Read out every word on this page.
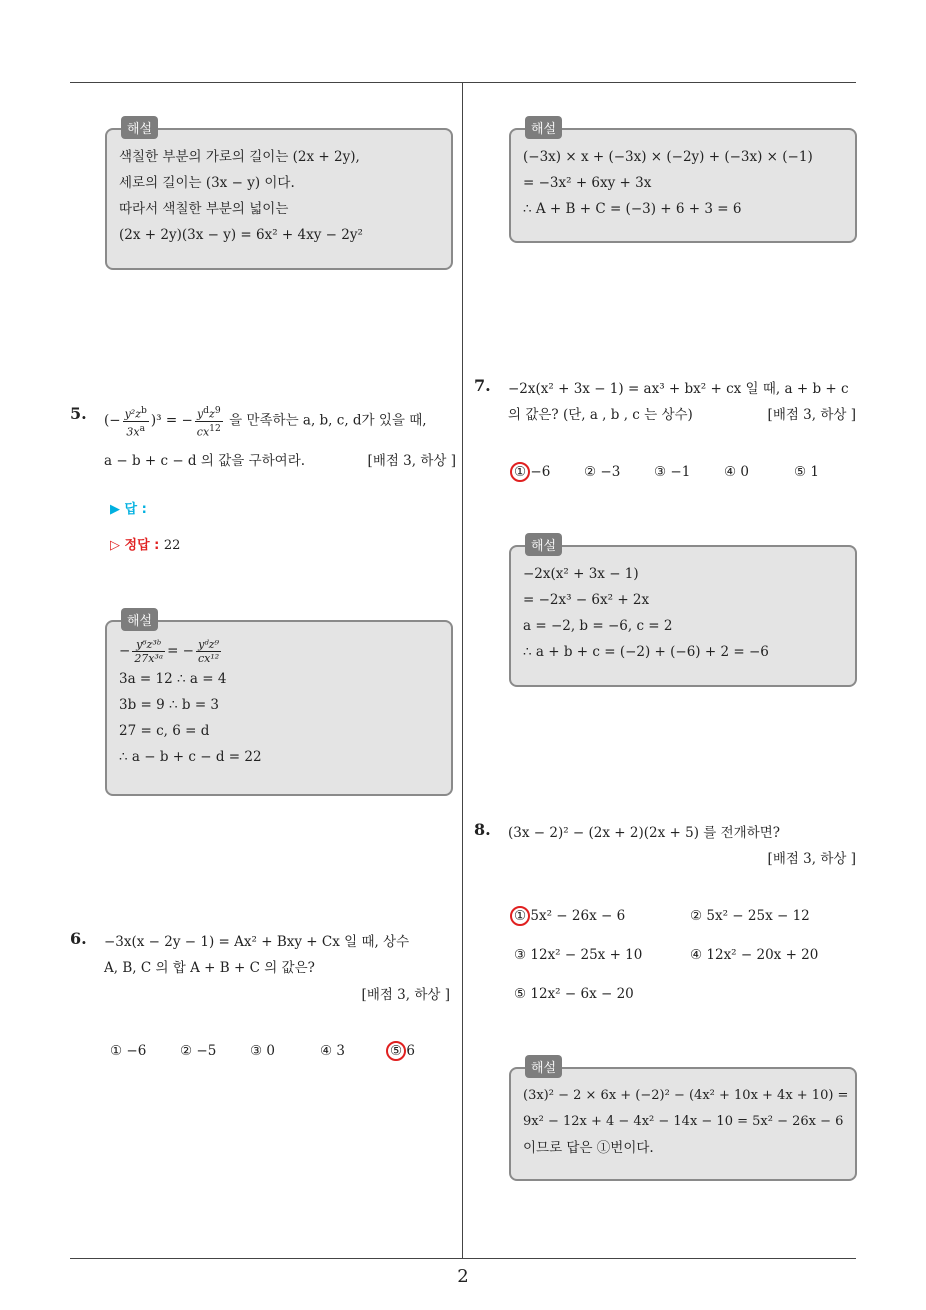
2
해설
색칠한 부분의 가로의 길이는 (2x + 2y),
세로의 길이는 (3x − y) 이다.
따라서 색칠한 부분의 넓이는
(2x + 2y)(3x − y) = 6x² + 4xy − 2y²
해설
(−3x) × x + (−3x) × (−2y) + (−3x) × (−1)
= −3x² + 6xy + 3x
∴ A + B + C = (−3) + 6 + 3 = 6
5. (− $\frac{y^2z^b}{3x^a} )^3$ = − $\frac{y^dz^9}{cx^{12}}$ 을 만족하는 a, b, c, d가 있을 때,
a − b + c − d 의 값을 구하여라.	[배점 3, 하상 ]
▶ 답 :
▷ 정답 : 22
해설
− $\frac{\text{y⁶z³ᵇ}}{\text{27x³ᵃ}}$ = − $\frac{\text{yᵈz⁹}}{\text{cx¹²}}$
3a = 12 ∴ a = 4
3b = 9 ∴ b = 3
27 = c, 6 = d
∴ a − b + c − d = 22
6. −3x(x − 2y − 1) = Ax² + Bxy + Cx 일 때, 상수
A, B, C 의 합 A + B + C 의 값은?
[배점 3, 하상 ]
① −6 ② −5 ③ 0	④ 3	⑤ 6
7. −2x(x² + 3x − 1) = ax³ + bx² + cx 일 때, a + b + c
의 값은? (단, a , b , c 는 상수)	[배점 3, 하상 ]
① −6 ② −3 ③ −1 ④ 0	⑤ 1
해설
−2x(x² + 3x − 1)
= −2x³ − 6x² + 2x
a = −2, b = −6, c = 2
∴ a + b + c = (−2) + (−6) + 2 = −6
8. (3x − 2)² − (2x + 2)(2x + 5) 를 전개하면?
[배점 3, 하상 ]
① 5x² − 26x − 6	② 5x² − 25x − 12
③ 12x² − 25x + 10	④ 12x² − 20x + 20
⑤ 12x² − 6x − 20
해설
(3x)² − 2 × 6x + (−2)² − (4x² + 10x + 4x + 10) =
9x² − 12x + 4 − 4x² − 14x − 10 = 5x² − 26x − 6
이므로 답은 ①번이다.
